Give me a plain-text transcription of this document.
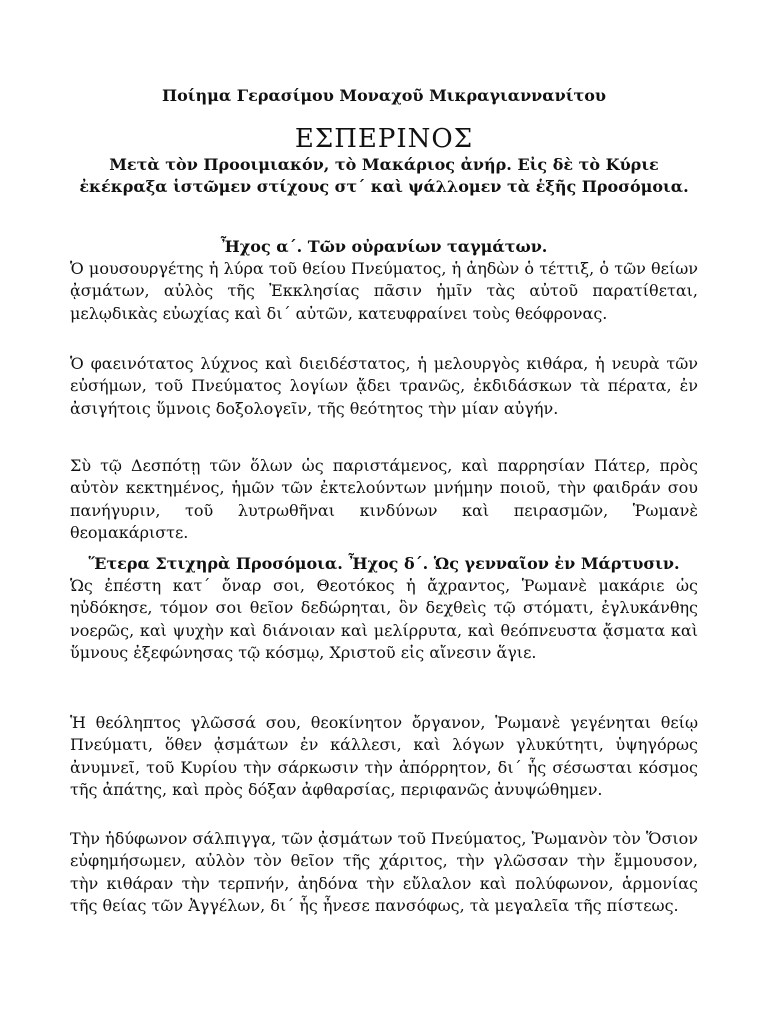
Ποίημα Γερασίμου Μοναχοῦ Μικραγιαννανίτου
ΕΣΠΕΡΙΝΟΣ
Μετὰ τὸν Προοιμιακόν, τὸ Μακάριος ἀνήρ. Εἰς δὲ τὸ Κύριε ἐκέκραξα ἱστῶμεν στίχους στ΄ καὶ ψάλλομεν τὰ ἑξῆς Προσόμοια.
Ἦχος α΄. Τῶν οὐρανίων ταγμάτων.

Ὁ μουσουργέτης ἡ λύρα τοῦ θείου Πνεύματος, ἡ ἀηδὼν ὁ τέττιξ, ὁ τῶν θείων ᾀσμάτων, αὐλὸς τῆς Ἐκκλησίας πᾶσιν ἡμῖν τὰς αὐτοῦ παρατίθεται, μελῳδικὰς εὐωχίας καὶ δι΄ αὐτῶν, κατευφραίνει τοὺς θεόφρονας.

Ὁ φαεινότατος λύχνος καὶ διειδέστατος, ἡ μελουργὸς κιθάρα, ἡ νευρὰ τῶν εὐσήμων, τοῦ Πνεύματος λογίων ᾄδει τρανῶς, ἐκδιδάσκων τὰ πέρατα, ἐν ἀσιγήτοις ὕμνοις δοξολογεῖν, τῆς θεότητος τὴν μίαν αὐγήν.

Σὺ τῷ Δεσπότῃ τῶν ὅλων ὡς παριστάμενος, καὶ παρρησίαν Πάτερ, πρὸς αὐτὸν κεκτημένος, ἡμῶν τῶν ἐκτελούντων μνήμην ποιοῦ, τὴν φαιδράν σου πανήγυριν, τοῦ λυτρωθῆναι κινδύνων καὶ πειρασμῶν, Ῥωμανὲ θεομακάριστε.

Ἕτερα Στιχηρὰ Προσόμοια. Ἦχος δ΄. Ὡς γενναῖον ἐν Μάρτυσιν.

Ὡς ἐπέστη κατ΄ ὄναρ σοι, Θεοτόκος ἡ ἄχραντος, Ῥωμανὲ μακάριε ὡς ηὐδόκησε, τόμον σοι θεῖον δεδώρηται, ὃν δεχθεὶς τῷ στόματι, ἐγλυκάνθης νοερῶς, καὶ ψυχὴν καὶ διάνοιαν καὶ μελίρρυτα, καὶ θεόπνευστα ᾄσματα καὶ ὕμνους ἐξεφώνησας τῷ κόσμῳ, Χριστοῦ εἰς αἴνεσιν ἅγιε.

Ἡ θεόληπτος γλῶσσά σου, θεοκίνητον ὄργανον, Ῥωμανὲ γεγένηται θείῳ Πνεύματι, ὅθεν ᾀσμάτων ἐν κάλλεσι, καὶ λόγων γλυκύτητι, ὑψηγόρως ἀνυμνεῖ, τοῦ Κυρίου τὴν σάρκωσιν τὴν ἀπόρρητον, δι΄ ἧς σέσωσται κόσμος τῆς ἀπάτης, καὶ πρὸς δόξαν ἀφθαρσίας, περιφανῶς ἀνυψώθημεν.

Τὴν ἡδύφωνον σάλπιγγα, τῶν ᾀσμάτων τοῦ Πνεύματος, Ῥωμανὸν τὸν Ὅσιον εὐφημήσωμεν, αὐλὸν τὸν θεῖον τῆς χάριτος, τὴν γλῶσσαν τὴν ἔμμουσον, τὴν κιθάραν τὴν τερπνήν, ἀηδόνα τὴν εὔλαλον καὶ πολύφωνον, ἁρμονίας τῆς θείας τῶν Ἀγγέλων, δι΄ ἧς ἦνεσε πανσόφως, τὰ μεγαλεῖα τῆς πίστεως.
